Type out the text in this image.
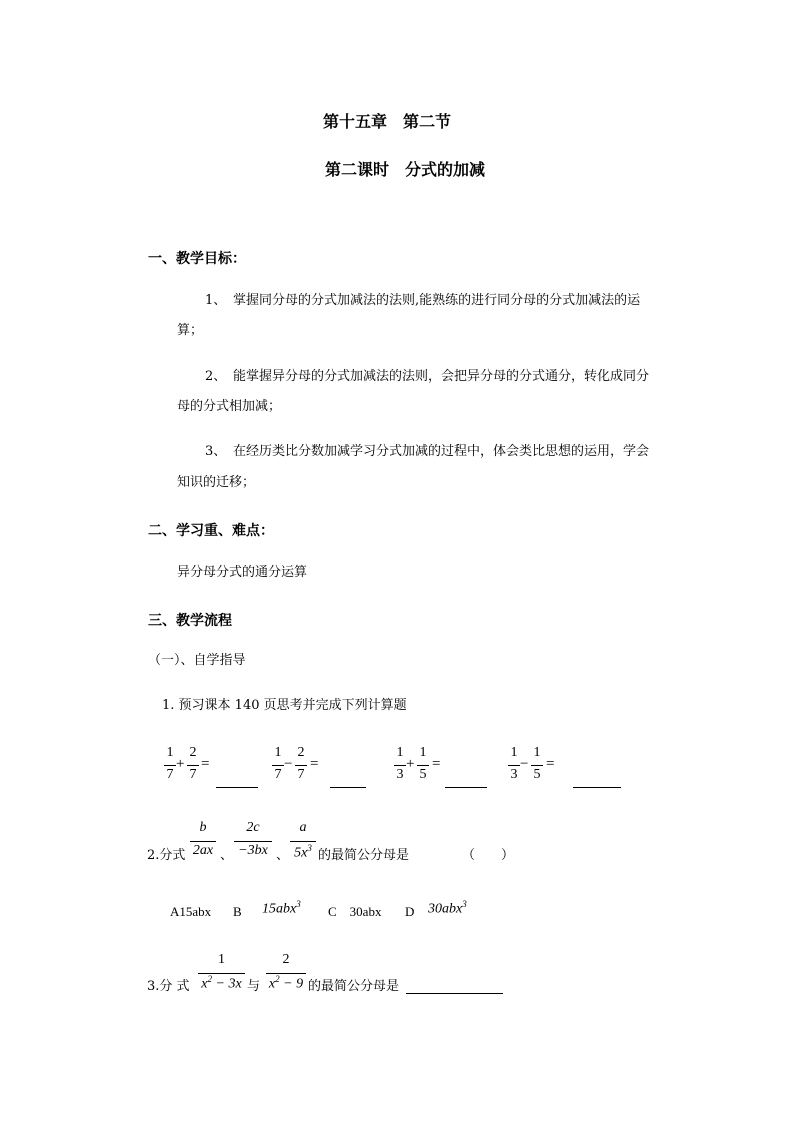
第十五章　第二节
第二课时　分式的加减
一、教学目标：
1、 掌握同分母的分式加减法的法则,能熟练的进行同分母的分式加减法的运
算；
2、 能掌握异分母的分式加减法的法则，会把异分母的分式通分，转化成同分
母的分式相加减；
3、 在经历类比分数加减学习分式加减的过程中，体会类比思想的运用，学会
知识的迁移；
二、学习重、难点：
异分母分式的通分运算
三、教学流程
（一）、自学指导
1. 预习课本 140 页思考并完成下列计算题
1
7
+
2
7
=
1
7
−
2
7
=
1
3
+
1
5
=
1
3
−
1
5
=
2.分式
b
2ax 、
2c
−3bx 、
a
$5x^3$ 的最简公分母是	（　　）
A15abx B 15abx$^3$ C　30abx D 30abx$^3$
3.分 式
1
$x^2 - 3x$ 与
2
$x^2 - 9$ 的最简公分母是
